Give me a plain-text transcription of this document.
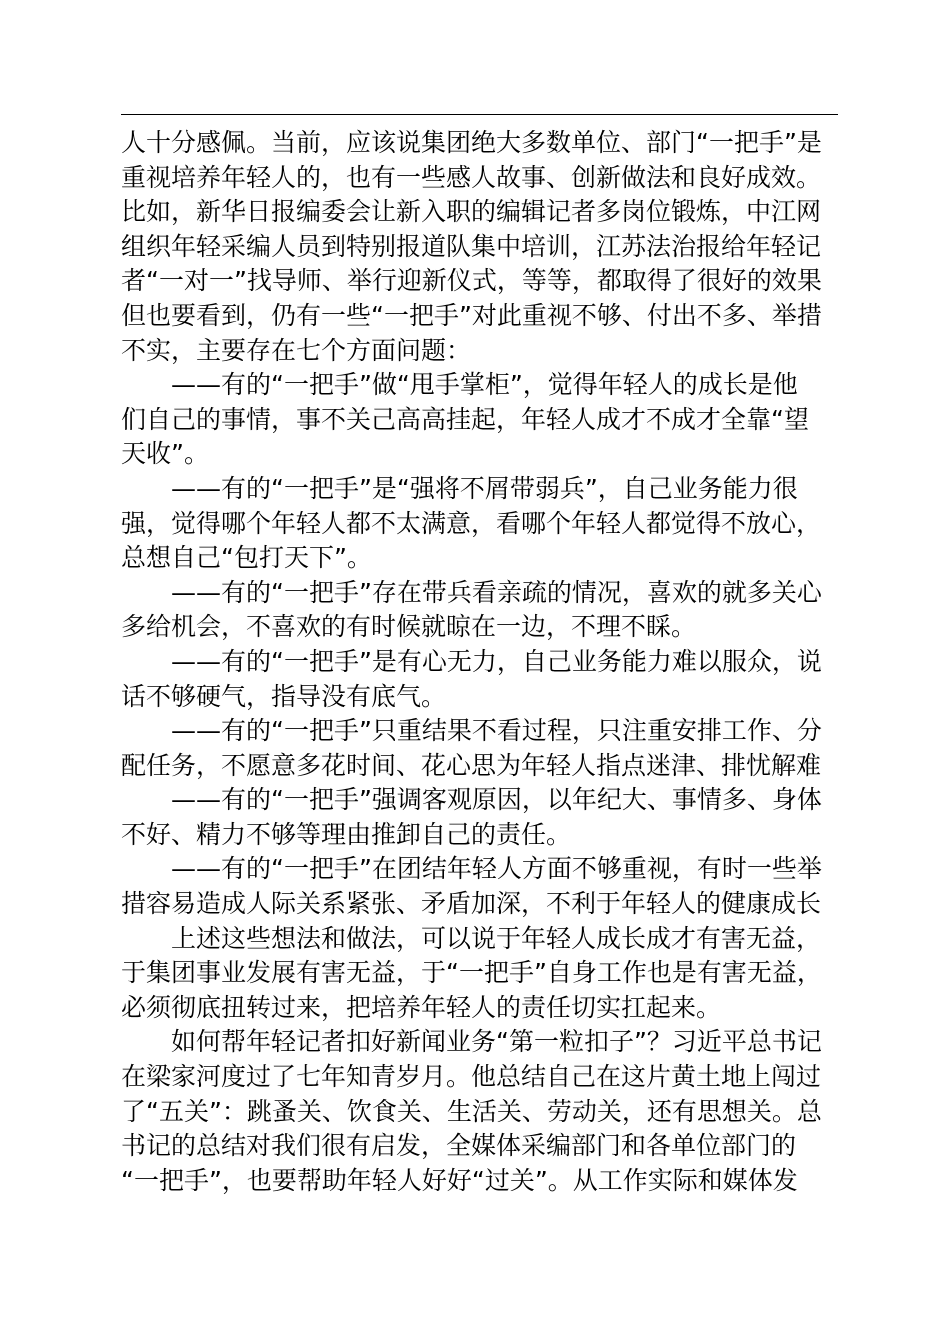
人十分感佩。当前，应该说集团绝大多数单位、部门“一把手”是
重视培养年轻人的，也有一些感人故事、创新做法和良好成效。
比如，新华日报编委会让新入职的编辑记者多岗位锻炼，中江网
组织年轻采编人员到特别报道队集中培训，江苏法治报给年轻记
者“一对一”找导师、举行迎新仪式，等等，都取得了很好的效果
但也要看到，仍有一些“一把手”对此重视不够、付出不多、举措
不实，主要存在七个方面问题：
——有的“一把手”做“甩手掌柜”，觉得年轻人的成长是他
们自己的事情，事不关己高高挂起，年轻人成才不成才全靠“望
天收”。
——有的“一把手”是“强将不屑带弱兵”，自己业务能力很
强，觉得哪个年轻人都不太满意，看哪个年轻人都觉得不放心，
总想自己“包打天下”。
——有的“一把手”存在带兵看亲疏的情况，喜欢的就多关心
多给机会，不喜欢的有时候就晾在一边，不理不睬。
——有的“一把手”是有心无力，自己业务能力难以服众，说
话不够硬气，指导没有底气。
——有的“一把手”只重结果不看过程，只注重安排工作、分
配任务，不愿意多花时间、花心思为年轻人指点迷津、排忧解难
——有的“一把手”强调客观原因，以年纪大、事情多、身体
不好、精力不够等理由推卸自己的责任。
——有的“一把手”在团结年轻人方面不够重视，有时一些举
措容易造成人际关系紧张、矛盾加深，不利于年轻人的健康成长
上述这些想法和做法，可以说于年轻人成长成才有害无益，
于集团事业发展有害无益，于“一把手”自身工作也是有害无益，
必须彻底扭转过来，把培养年轻人的责任切实扛起来。
如何帮年轻记者扣好新闻业务“第一粒扣子”？习近平总书记
在梁家河度过了七年知青岁月。他总结自己在这片黄土地上闯过
了“五关”：跳蚤关、饮食关、生活关、劳动关，还有思想关。总
书记的总结对我们很有启发，全媒体采编部门和各单位部门的
“一把手”，也要帮助年轻人好好“过关”。从工作实际和媒体发
